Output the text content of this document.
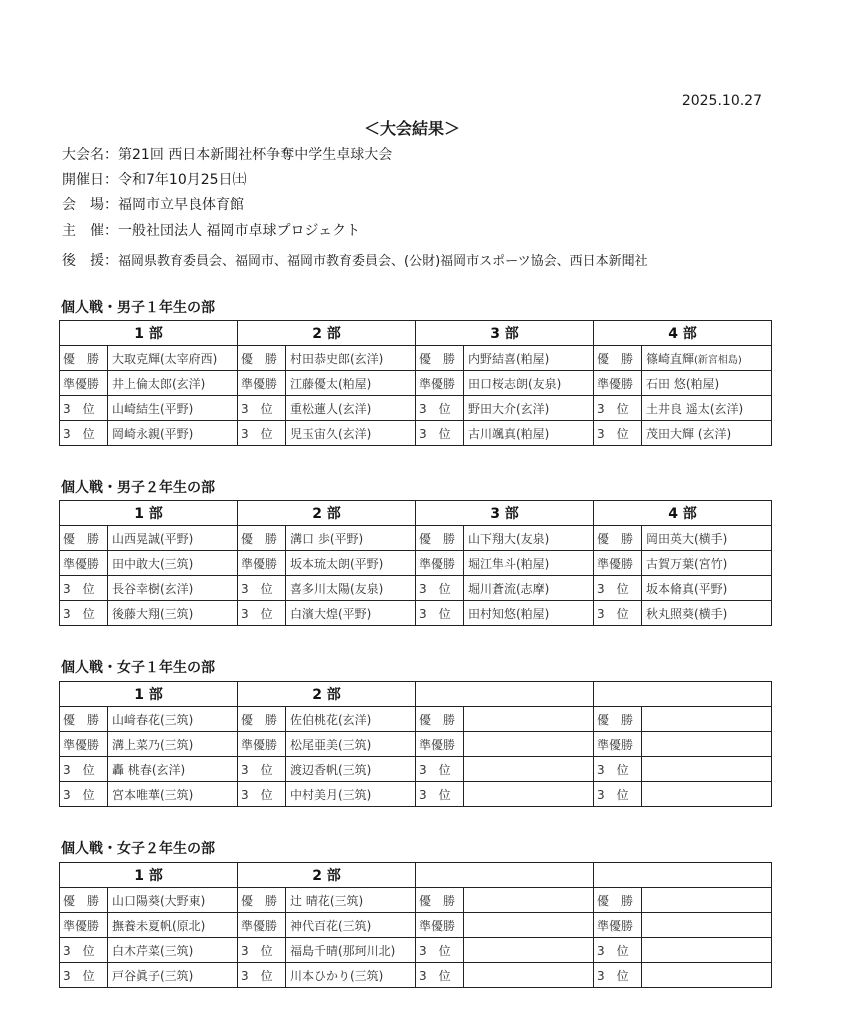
2025.10.27
＜大会結果＞
大会名：第21回 西日本新聞社杯争奪中学生卓球大会
開催日：令和7年10月25日㈯
会　場：福岡市立早良体育館
主　催：一般社団法人 福岡市卓球プロジェクト
後　援：福岡県教育委員会、福岡市、福岡市教育委員会、(公財)福岡市スポーツ協会、西日本新聞社
個人戦・男子１年生の部
1 部		2 部		3 部		4 部	
優　勝	大取克輝(太宰府西)	優　勝	村田恭史郎(玄洋)	優　勝	内野結喜(粕屋)	優　勝	篠崎直輝(新宮相島)
準優勝	井上倫太郎(玄洋)	準優勝	江藤優太(粕屋)	準優勝	田口桜志朗(友泉)	準優勝	石田 悠(粕屋)
3　位	山崎結生(平野)	3　位	重松蓮人(玄洋)	3　位	野田大介(玄洋)	3　位	土井良 遥太(玄洋)
3　位	岡崎永親(平野)	3　位	児玉宙久(玄洋)	3　位	古川颯真(粕屋)	3　位	茂田大輝 (玄洋)
個人戦・男子２年生の部
1 部		2 部		3 部		4 部	
優　勝	山西晃誠(平野)	優　勝	溝口 歩(平野)	優　勝	山下翔大(友泉)	優　勝	岡田英大(横手)
準優勝	田中敢大(三筑)	準優勝	坂本琉太朗(平野)	準優勝	堀江隼斗(粕屋)	準優勝	古賀万葉(宮竹)
3　位	長谷幸樹(玄洋)	3　位	喜多川太陽(友泉)	3　位	堀川蒼流(志摩)	3　位	坂本脩真(平野)
3　位	後藤大翔(三筑)	3　位	白濱大煌(平野)	3　位	田村知悠(粕屋)	3　位	秋丸照葵(横手)
個人戦・女子１年生の部
1 部		2 部					
優　勝	山﨑春花(三筑)	優　勝	佐伯桃花(玄洋)	優　勝		優　勝	
準優勝	溝上菜乃(三筑)	準優勝	松尾亜美(三筑)	準優勝		準優勝	
3　位	轟 桃春(玄洋)	3　位	渡辺香帆(三筑)	3　位		3　位	
3　位	宮本唯華(三筑)	3　位	中村美月(三筑)	3　位		3　位	
個人戦・女子２年生の部
1 部		2 部					
優　勝	山口陽葵(大野東)	優　勝	辻 晴花(三筑)	優　勝		優　勝	
準優勝	撫養未夏帆(原北)	準優勝	神代百花(三筑)	準優勝		準優勝	
3　位	白木芹菜(三筑)	3　位	福島千晴(那珂川北)	3　位		3　位	
3　位	戸谷眞子(三筑)	3　位	川本ひかり(三筑)	3　位		3　位	
